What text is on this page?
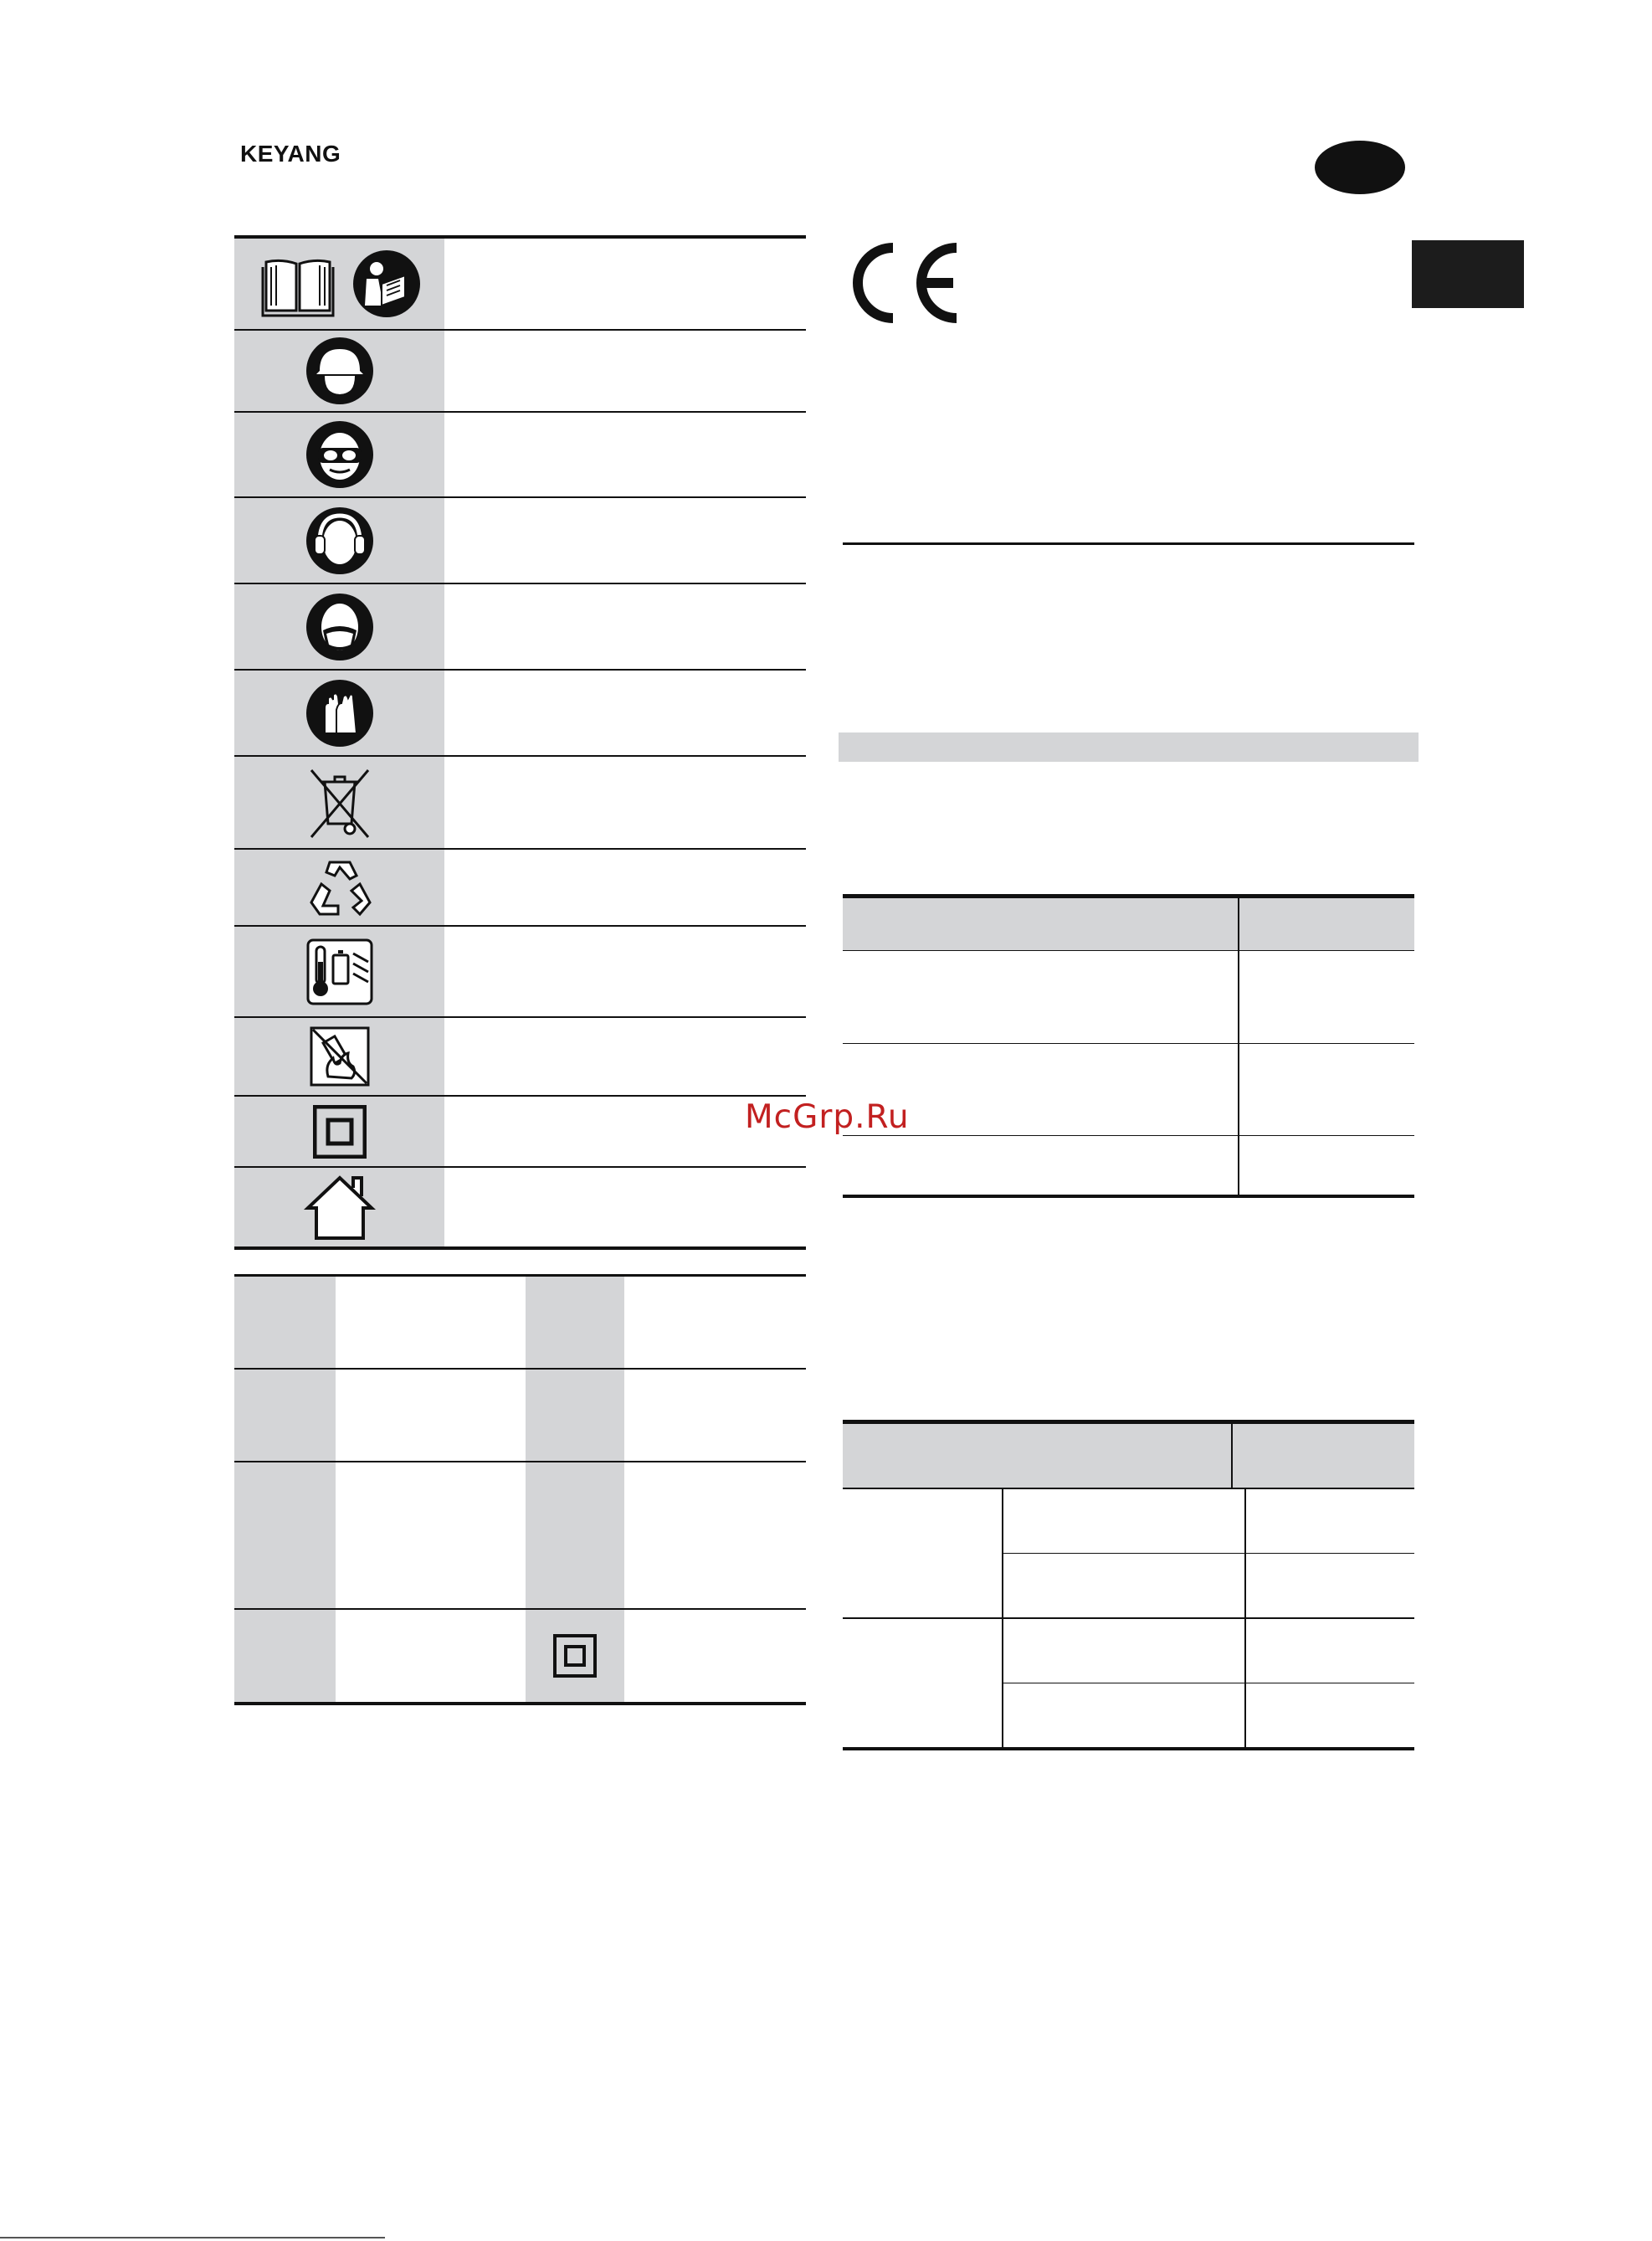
KEYANG
McGrp.Ru
